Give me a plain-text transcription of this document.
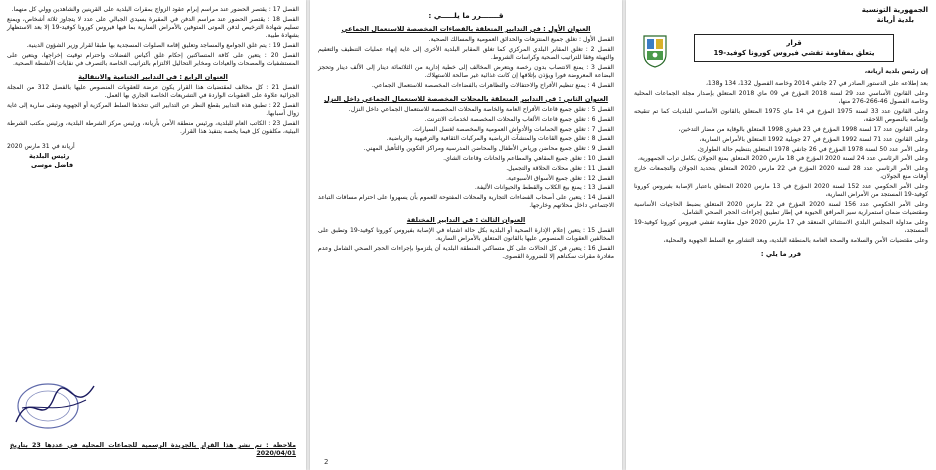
الفصل 17 : يقتصر الحضور عند مراسم إبرام عقود الزواج بمقرات البلدية على القرينين والشاهدين وولي كل منهما.
الفصل 18 : يقتصر الحضور عند مراسم الدفن في المقبرة بسيدي الجبالي على عدد لا يتجاوز ثلاثة أشخاص، ويمنع تسليم شهادة الترخيص لدفن الموتى المتوفين بالأمراض السارية بما فيها فيروس كورونا كوفيد-19 إلا بعد الاستظهار بشهادة طبية.
الفصل 19 : يتم غلق الجوامع والمساجد وتعليق إقامة الصلوات المسجدية بها طبقا لقرار وزير الشؤون الدينية.
الفصل 20 : يتعين على كافة المتساكنين إحكام غلق أكياس الفضلات واحترام توقيت إخراجها، ويتعين على المستشفيات والمصحات والعيادات ومخابر التحاليل الالتزام بالتراتيب الخاصة بالتصرف في نفايات الأنشطة الصحية.
العنوان الرابع : في التدابير الختامية والانتقالية
الفصل 21 : كل مخالف لمقتضيات هذا القرار يكون عرضة للعقوبات المنصوص عليها بالفصل 312 من المجلة الجزائية علاوة على العقوبات الواردة في التشريعات الخاصة الجاري بها العمل.
الفصل 22 : تطبق هذه التدابير بقطع النظر عن التدابير التي تتخذها السلط المركزية أو الجهوية وتبقى سارية إلى غاية زوال أسبابها.
الفصل 23 : الكاتب العام للبلدية، ورئيس منطقة الأمن بأريانة، ورئيس مركز الشرطة البلدية، ورئيس مكتب الشرطة البيئية، مكلفون كل فيما يخصه بتنفيذ هذا القرار.
أريانة في 31 مارس 2020
رئيس البلدية
فاضل موسى
ملاحظة : تم نشر هذا القرار بالجريدة الرسمية للجماعات المحلية في عددها 23 بتاريخ 2020/04/01
قـــــــرر ما يلـــــي :
العنوان الأول : في التدابير المتعلقة بالفضاءات المخصصة للاستعمال الجماعي
الفصل الأول : تغلق جميع المنتزهات والحدائق العمومية والمسالك الصحية.
الفصل 2 : تغلق المقابر البلدي المركزي كما تغلق المقابر البلدية الأخرى إلى غاية إنهاء عمليات التنظيف والتعقيم والتهيئة وفقا للتراتيب الصحية وكراسات الشروط.
الفصل 3 : يمنع الانتصاب بدون رخصة ويتعرض المخالف إلى خطية إدارية من الثلاثمائة دينار إلى الألف دينار وتحجز البضاعة المعروضة فورا ويؤذن بإتلافها إن كانت غذائية غير صالحة للاستهلاك.
الفصل 4 : يمنع تنظيم الأفراح والاحتفالات والتظاهرات بالفضاءات المخصصة للاستعمال الجماعي.
العنوان الثاني : في التدابير المتعلقة بالمحلات المخصصة للاستعمال الجماعي داخل النزل
الفصل 5 : تغلق جميع قاعات الأفراح العامة والخاصة والمحلات المخصصة للاستعمال الجماعي داخل النزل.
الفصل 6 : تغلق جميع قاعات الألعاب والمحلات المخصصة لخدمات الانترنت.
الفصل 7 : تغلق جميع الحمامات والأدواش العمومية والمخصصة لغسل السيارات.
الفصل 8 : تغلق جميع القاعات والمنشآت الرياضية والمركبات الثقافية والترفيهية والرياضية.
الفصل 9 : تغلق جميع محاضن ورياض الأطفال والمحاضن المدرسية ومراكز التكوين والتأهيل المهني.
الفصل 10 : تغلق جميع المقاهي والمطاعم والحانات وقاعات الشاي.
الفصل 11 : تغلق محلات الحلاقة والتجميل.
الفصل 12 : تغلق جميع الأسواق الأسبوعية.
الفصل 13 : يمنع بيع الكلاب والقطط والحيوانات الأليفة.
الفصل 14 : يتعين على أصحاب الفضاءات التجارية والمحلات المفتوحة للعموم بأن يسهروا على احترام مسافات التباعد الاجتماعي داخل محلاتهم وخارجها.
العنوان الثالث : في التدابير المختلفة
الفصل 15 : يتعين إعلام الإدارة الصحية أو البلدية بكل حالة اشتباه في الإصابة بفيروس كورونا كوفيد-19 وتطبق على المخالفين العقوبات المنصوص عليها بالقانون المتعلق بالأمراض السارية.
الفصل 16 : يتعين في كل الحالات على كل متساكني المنطقة البلدية أن يلتزموا بإجراءات الحجر الصحي الشامل وعدم مغادرة مقرات سكناهم إلا للضرورة القصوى.
2
الجمهورية التونسية
بلدية أريانة
قرار
يتعلق بمقاومة تفشي فيروس كورونا كوفيد-19
إن رئيس بلدية أريانة،
بعد إطلاعه على الدستور الصادر في 27 جانفي 2014 وخاصة الفصول 132، 134 و138،
وعلى القانون الأساسي عدد 29 لسنة 2018 المؤرخ في 09 ماي 2018 المتعلق بإصدار مجلة الجماعات المحلية وخاصة الفصول 46-266-276 منها،
وعلى القانون عدد 33 لسنة 1975 المؤرخ في 14 ماي 1975 المتعلق بالقانون الأساسي للبلديات كما تم تنقيحه وإتمامه بالنصوص اللاحقة،
وعلى القانون عدد 17 لسنة 1998 المؤرخ في 23 فيفري 1998 المتعلق بالوقاية من مضار التدخين،
وعلى القانون عدد 71 لسنة 1992 المؤرخ في 27 جويلية 1992 المتعلق بالأمراض السارية،
وعلى الأمر عدد 50 لسنة 1978 المؤرخ في 26 جانفي 1978 المتعلق بتنظيم حالة الطوارئ،
وعلى الأمر الرئاسي عدد 24 لسنة 2020 المؤرخ في 18 مارس 2020 المتعلق بمنع الجولان بكامل تراب الجمهورية،
وعلى الأمر الرئاسي عدد 28 لسنة 2020 المؤرخ في 22 مارس 2020 المتعلق بتحديد الجولان والتجمعات خارج أوقات منع الجولان،
وعلى الأمر الحكومي عدد 152 لسنة 2020 المؤرخ في 13 مارس 2020 المتعلق باعتبار الإصابة بفيروس كورونا كوفيد-19 المستجد من الأمراض السارية،
وعلى الأمر الحكومي عدد 156 لسنة 2020 المؤرخ في 22 مارس 2020 المتعلق بضبط الحاجيات الأساسية ومقتضيات ضمان استمرارية سير المرافق الحيوية في إطار تطبيق إجراءات الحجر الصحي الشامل،
وعلى مداولة المجلس البلدي الاستثنائي المنعقد في 17 مارس 2020 حول مقاومة تفشي فيروس كورونا كوفيد-19 المستجد،
وعلى مقتضيات الأمن والسلامة والصحة العامة بالمنطقة البلدية، وبعد التشاور مع السلط الجهوية والمحلية،
قرر ما يلي :
